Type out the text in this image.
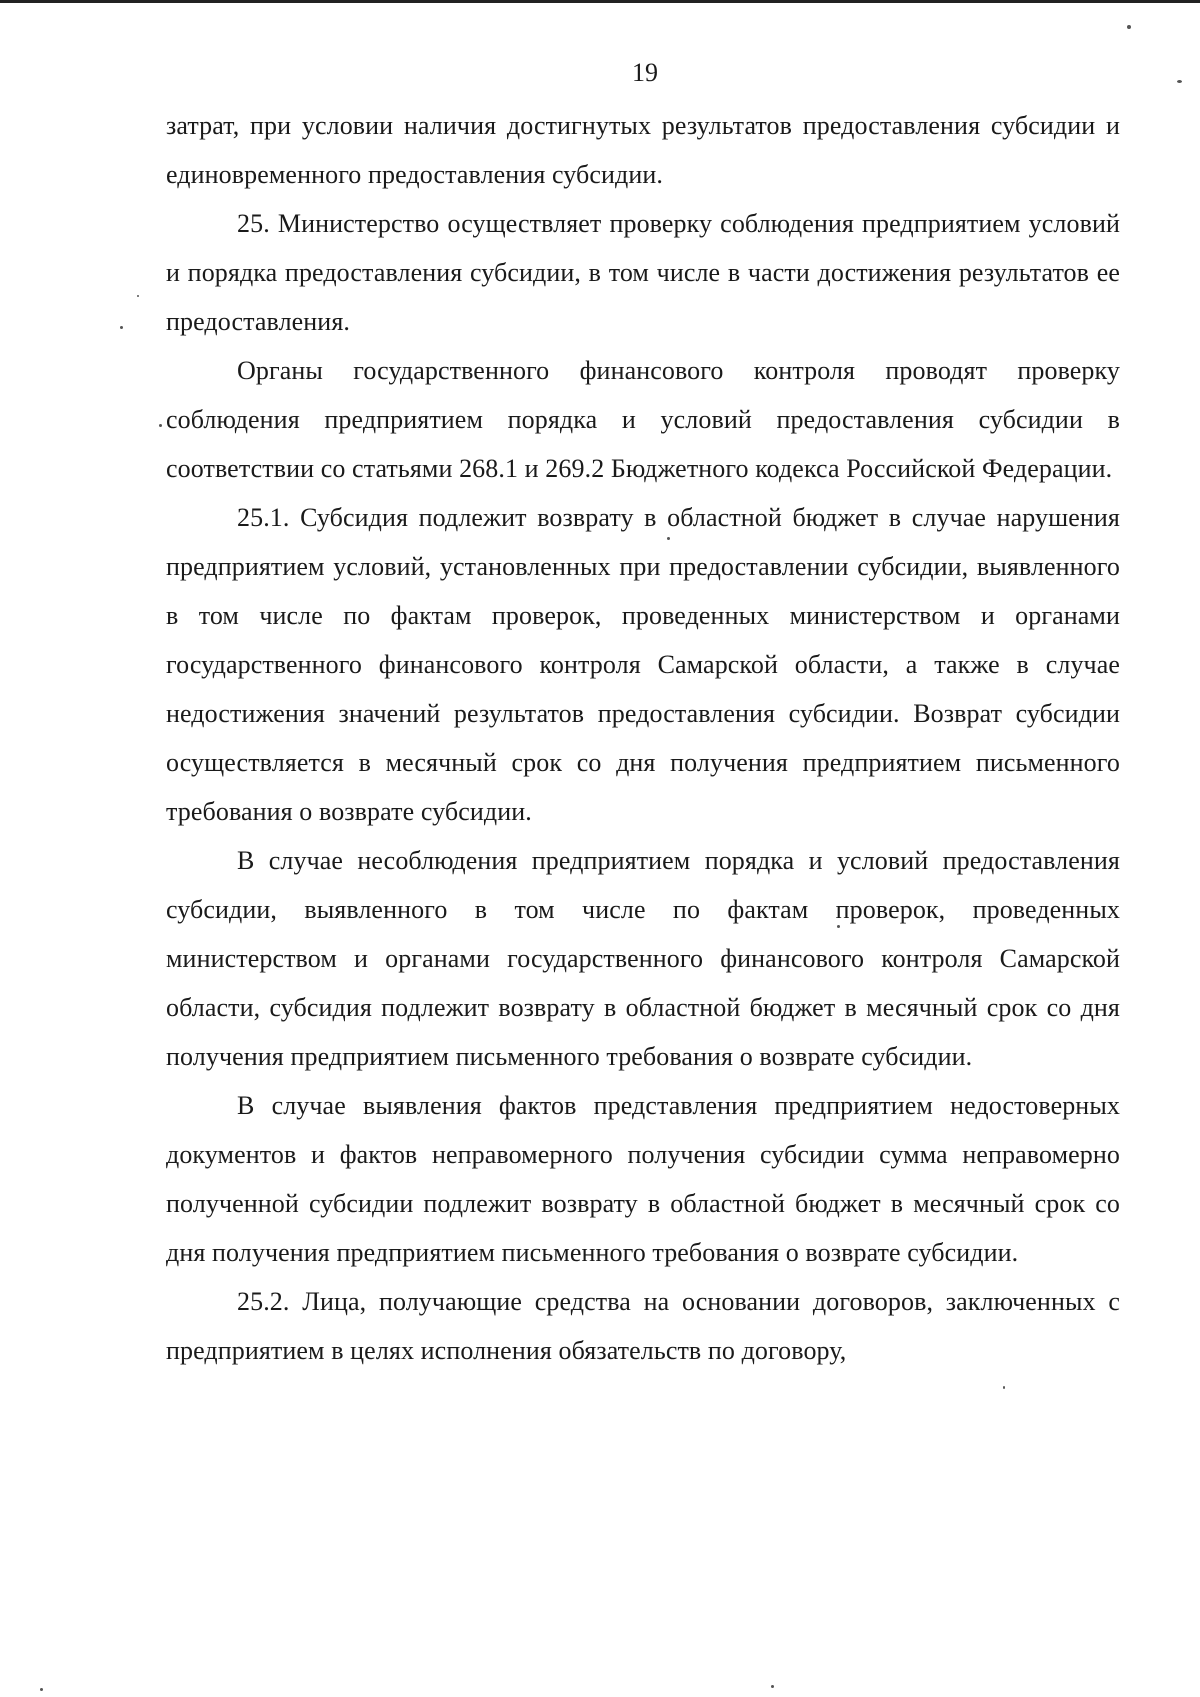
19

затрат, при условии наличия достигнутых результатов предоставления субсидии и единовременного предоставления субсидии.

25. Министерство осуществляет проверку соблюдения предприятием условий и порядка предоставления субсидии, в том числе в части достижения результатов ее предоставления.

Органы государственного финансового контроля проводят проверку соблюдения предприятием порядка и условий предоставления субсидии в соответствии со статьями 268.1 и 269.2 Бюджетного кодекса Российской Федерации.

25.1. Субсидия подлежит возврату в областной бюджет в случае нарушения предприятием условий, установленных при предоставлении субсидии, выявленного в том числе по фактам проверок, проведенных министерством и органами государственного финансового контроля Самарской области, а также в случае недостижения значений результатов предоставления субсидии. Возврат субсидии осуществляется в месячный срок со дня получения предприятием письменного требования о возврате субсидии.

В случае несоблюдения предприятием порядка и условий предоставления субсидии, выявленного в том числе по фактам проверок, проведенных министерством и органами государственного финансового контроля Самарской области, субсидия подлежит возврату в областной бюджет в месячный срок со дня получения предприятием письменного требования о возврате субсидии.

В случае выявления фактов представления предприятием недостоверных документов и фактов неправомерного получения субсидии сумма неправомерно полученной субсидии подлежит возврату в областной бюджет в месячный срок со дня получения предприятием письменного требования о возврате субсидии.

25.2. Лица, получающие средства на основании договоров, заключенных с предприятием в целях исполнения обязательств по договору,
